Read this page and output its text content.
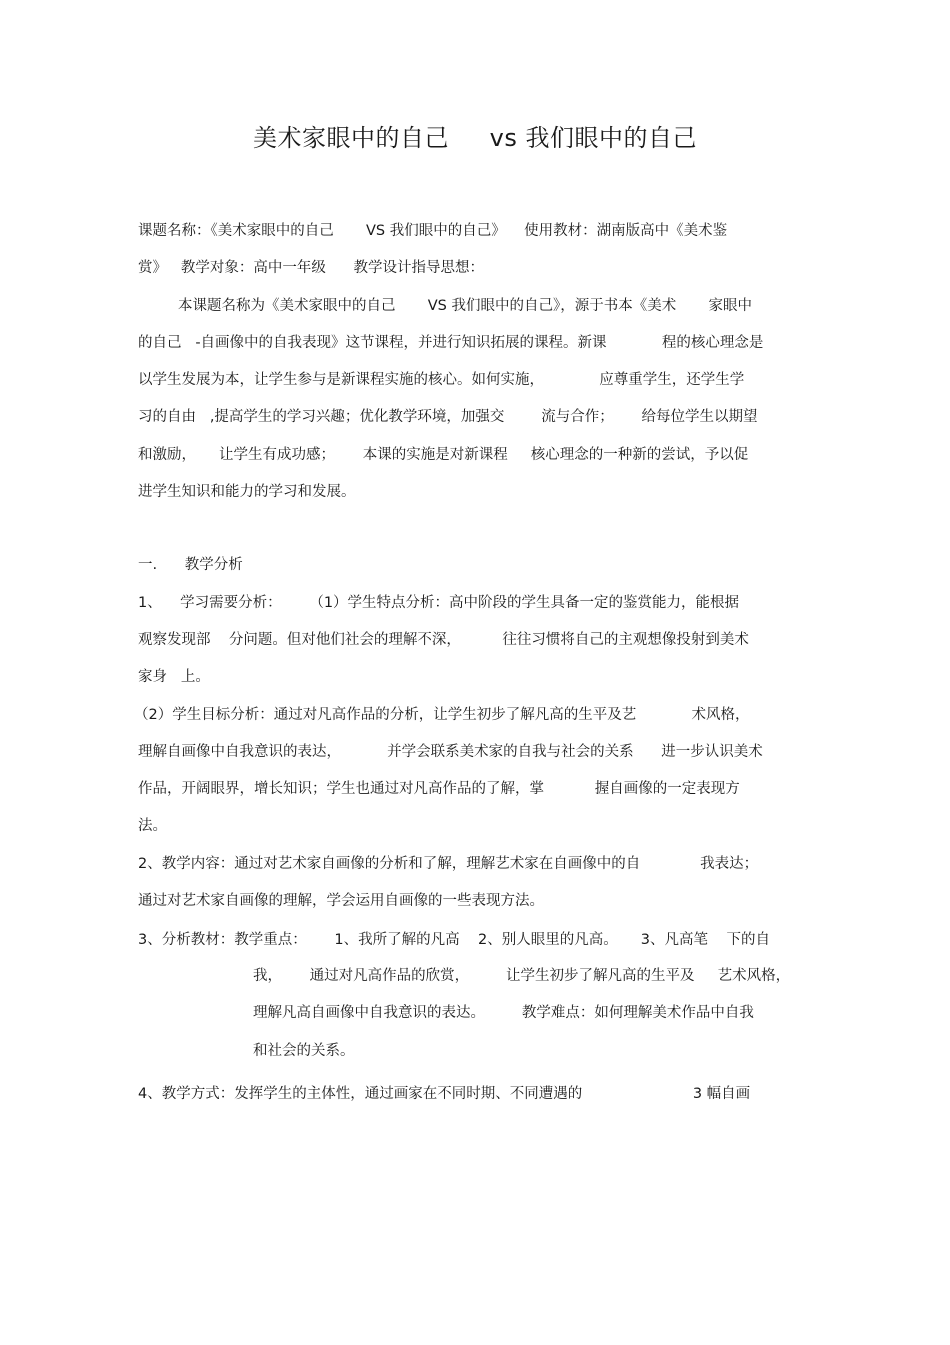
美术家眼中的自己     vs 我们眼中的自己
课题名称：《美术家眼中的自己       VS 我们眼中的自己》    使用教材：湖南版高中《美术鉴
赏》   教学对象：高中一年级      教学设计指导思想：
本课题名称为《美术家眼中的自己       VS 我们眼中的自己》，源于书本《美术       家眼中
的自己   -自画像中的自我表现》这节课程，并进行知识拓展的课程。新课            程的核心理念是
以学生发展为本，让学生参与是新课程实施的核心。如何实施，            应尊重学生，还学生学
习的自由   ,提高学生的学习兴趣；优化教学环境，加强交        流与合作；      给每位学生以期望
和激励，     让学生有成功感；      本课的实施是对新课程     核心理念的一种新的尝试，予以促
进学生知识和能力的学习和发展。
一.      教学分析
1、    学习需要分析：      （1）学生特点分析：高中阶段的学生具备一定的鉴赏能力，能根据
观察发现部    分问题。但对他们社会的理解不深，         往往习惯将自己的主观想像投射到美术
家身   上。
（2）学生目标分析：通过对凡高作品的分析，让学生初步了解凡高的生平及艺            术风格，
理解自画像中自我意识的表达，          并学会联系美术家的自我与社会的关系      进一步认识美术
作品，开阔眼界，增长知识；学生也通过对凡高作品的了解，掌           握自画像的一定表现方
法。
2、教学内容：通过对艺术家自画像的分析和了解，理解艺术家在自画像中的自             我表达；
通过对艺术家自画像的理解，学会运用自画像的一些表现方法。
3、分析教材：教学重点：      1、我所了解的凡高    2、别人眼里的凡高。     3、凡高笔    下的自
我，      通过对凡高作品的欣赏，        让学生初步了解凡高的生平及     艺术风格，
理解凡高自画像中自我意识的表达。        教学难点：如何理解美术作品中自我
和社会的关系。
4、教学方式：发挥学生的主体性，通过画家在不同时期、不同遭遇的                        3 幅自画
